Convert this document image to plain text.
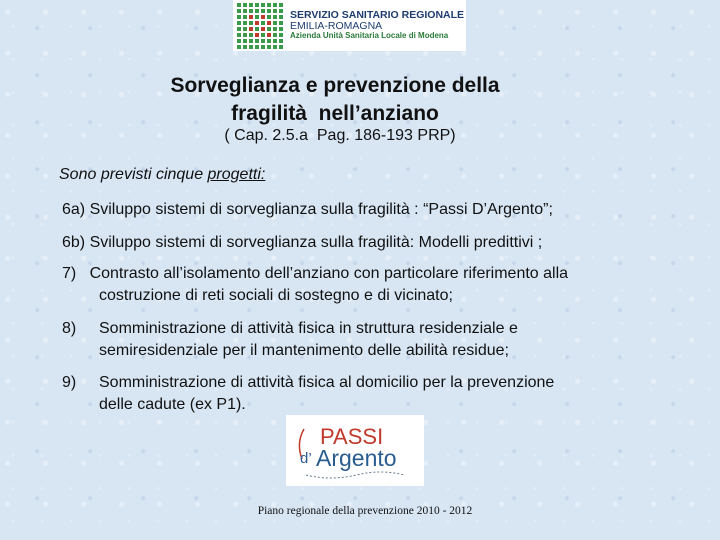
SERVIZIO SANITARIO REGIONALE
EMILIA-ROMAGNA
Azienda Unità Sanitaria Locale di Modena
Sorveglianza e prevenzione della
fragilità  nell’anziano
( Cap. 2.5.a  Pag. 186-193 PRP)
Sono previsti cinque progetti:
6a) Sviluppo sistemi di sorveglianza sulla fragilità : “Passi D’Argento”;
6b) Sviluppo sistemi di sorveglianza sulla fragilità: Modelli predittivi ;
7) Contrasto all’isolamento dell’anziano con particolare riferimento alla
costruzione di reti sociali di sostegno e di vicinato;
8) Somministrazione di attività fisica in struttura residenziale e
semiresidenziale per il mantenimento delle abilità residue;
9) Somministrazione di attività fisica al domicilio per la prevenzione
delle cadute (ex P1).
PASSI
d’ Argento
Piano regionale della prevenzione 2010 - 2012
